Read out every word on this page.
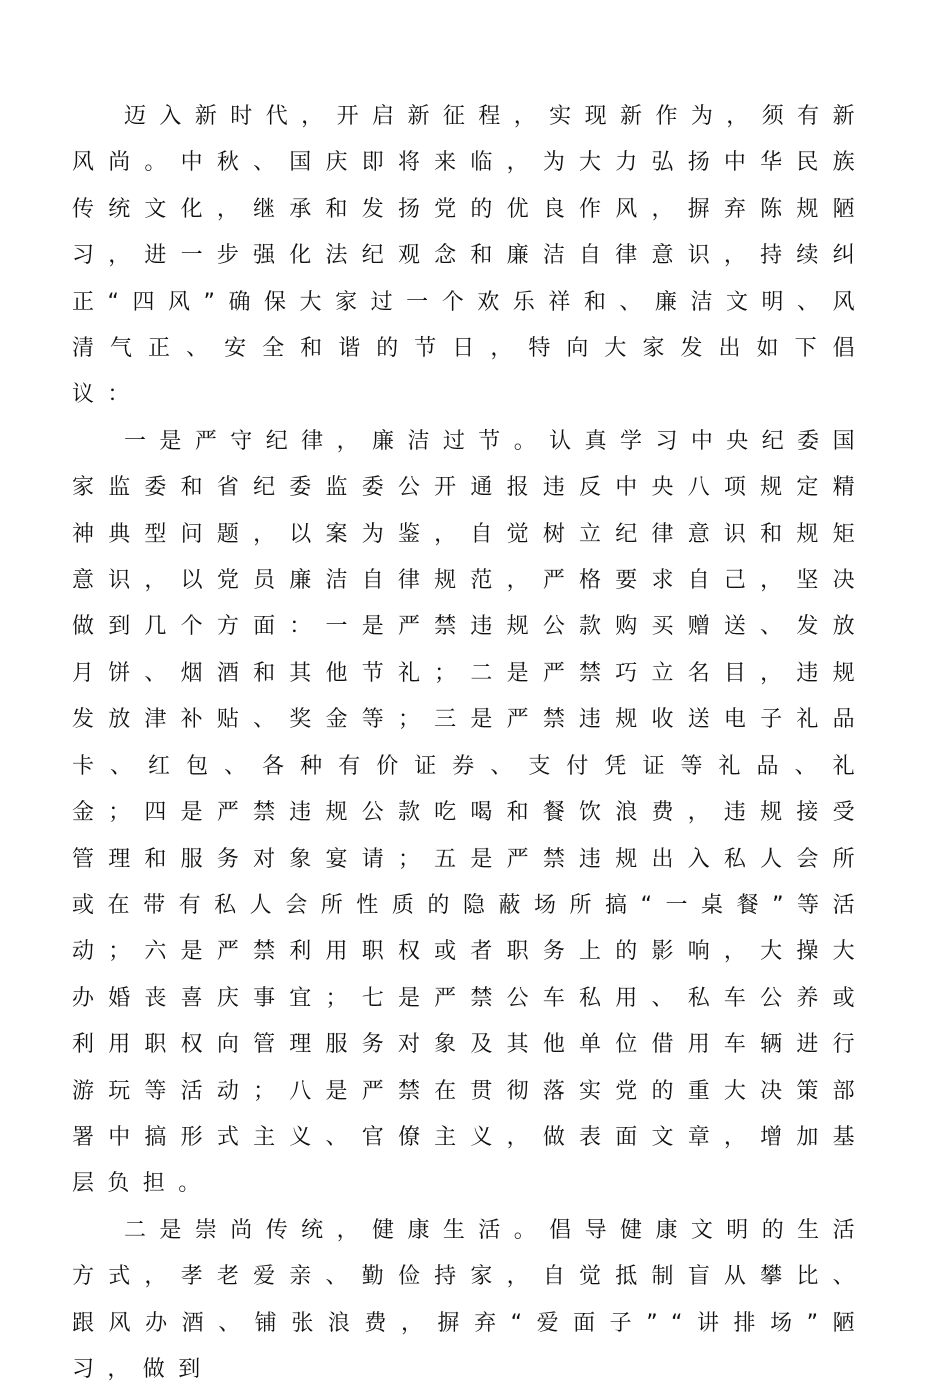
迈入新时代，开启新征程，实现新作为，须有新风尚。中秋、国庆即将来临，为大力弘扬中华民族传统文化，继承和发扬党的优良作风，摒弃陈规陋习，进一步强化法纪观念和廉洁自律意识，持续纠正“四风”确保大家过一个欢乐祥和、廉洁文明、风清气正、安全和谐的节日，特向大家发出如下倡议：

一是严守纪律，廉洁过节。认真学习中央纪委国家监委和省纪委监委公开通报违反中央八项规定精神典型问题，以案为鉴，自觉树立纪律意识和规矩意识，以党员廉洁自律规范，严格要求自己，坚决做到几个方面：一是严禁违规公款购买赠送、发放月饼、烟酒和其他节礼；二是严禁巧立名目，违规发放津补贴、奖金等；三是严禁违规收送电子礼品卡、红包、各种有价证券、支付凭证等礼品、礼金；四是严禁违规公款吃喝和餐饮浪费，违规接受管理和服务对象宴请；五是严禁违规出入私人会所或在带有私人会所性质的隐蔽场所搞“一桌餐”等活动；六是严禁利用职权或者职务上的影响，大操大办婚丧喜庆事宜；七是严禁公车私用、私车公养或利用职权向管理服务对象及其他单位借用车辆进行游玩等活动；八是严禁在贯彻落实党的重大决策部署中搞形式主义、官僚主义，做表面文章，增加基层负担。

二是崇尚传统，健康生活。倡导健康文明的生活方式，孝老爱亲、勤俭持家，自觉抵制盲从攀比、跟风办酒、铺张浪费，摒弃“爱面子”“讲排场”陋习，做到
